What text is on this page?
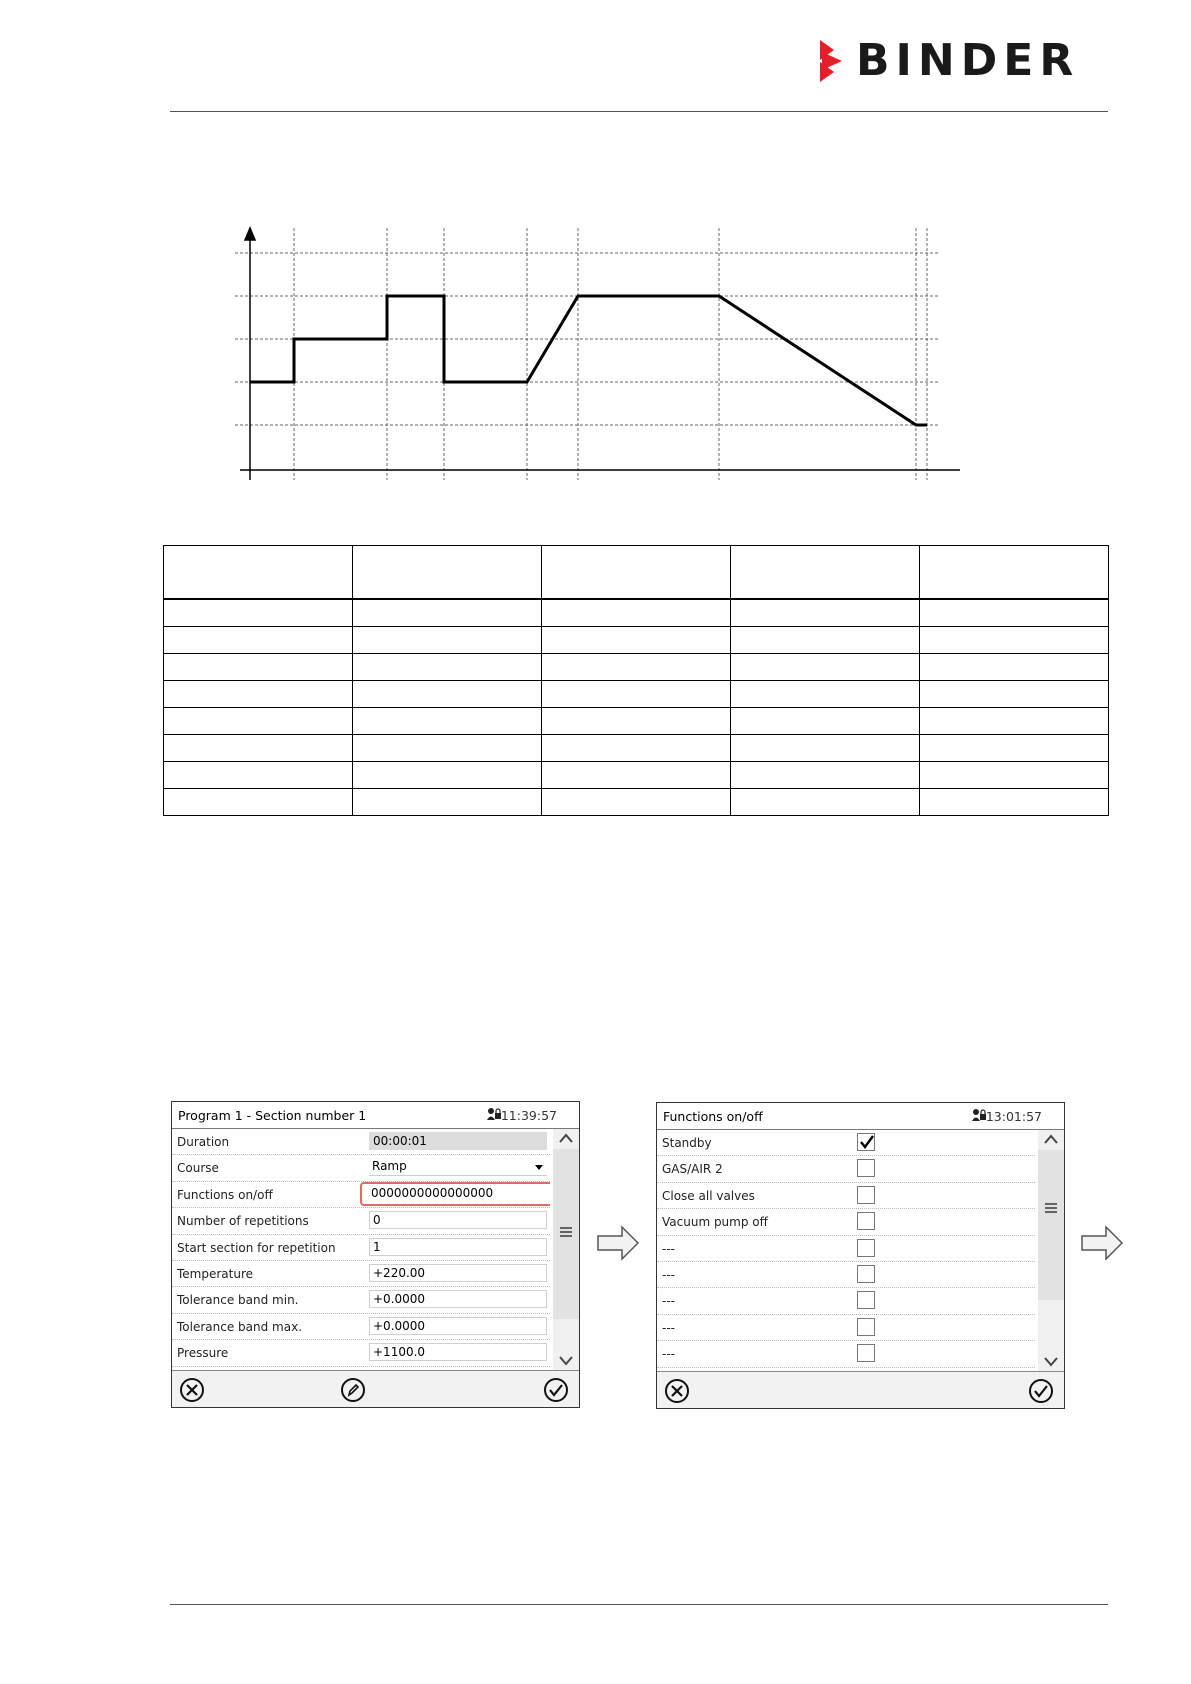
BINDER

Program 1 - Section number 1	11:39:57
Duration	00:00:01
Course	Ramp
Functions on/off	0000000000000000
Number of repetitions	0
Start section for repetition	1
Temperature	+220.00
Tolerance band min.	+0.0000
Tolerance band max.	+0.0000
Pressure	+1100.0
Functions on/off	13:01:57
Standby
GAS/AIR 2
Close all valves
Vacuum pump off
---
---
---
---
---
